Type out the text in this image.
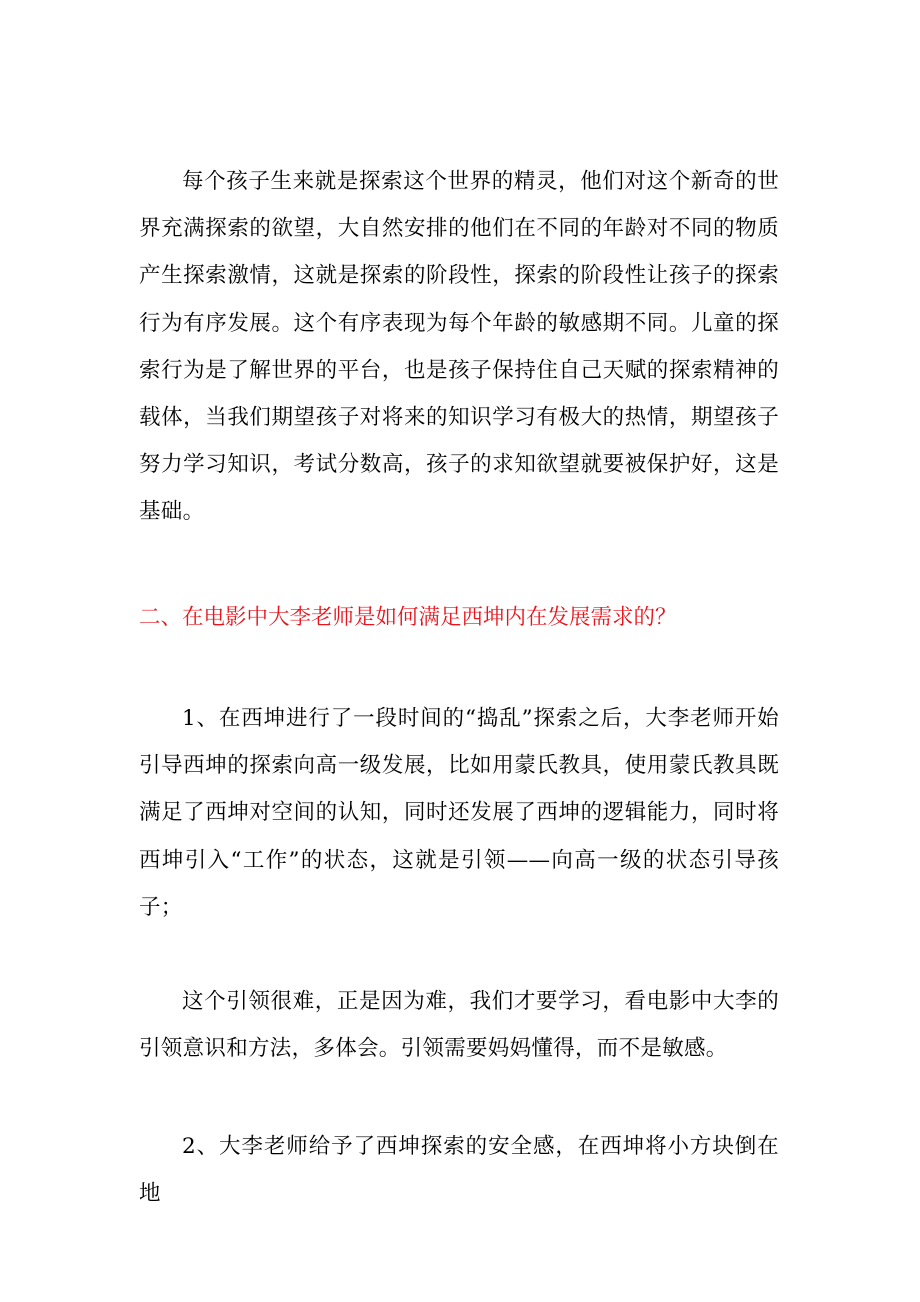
每个孩子生来就是探索这个世界的精灵，他们对这个新奇的世界充满探索的欲望，大自然安排的他们在不同的年龄对不同的物质产生探索激情，这就是探索的阶段性，探索的阶段性让孩子的探索行为有序发展。这个有序表现为每个年龄的敏感期不同。儿童的探索行为是了解世界的平台，也是孩子保持住自己天赋的探索精神的载体，当我们期望孩子对将来的知识学习有极大的热情，期望孩子努力学习知识，考试分数高，孩子的求知欲望就要被保护好，这是基础。

二、在电影中大李老师是如何满足西坤内在发展需求的？

1、在西坤进行了一段时间的“捣乱”探索之后，大李老师开始引导西坤的探索向高一级发展，比如用蒙氏教具，使用蒙氏教具既满足了西坤对空间的认知，同时还发展了西坤的逻辑能力，同时将西坤引入“工作”的状态，这就是引领——向高一级的状态引导孩子；

这个引领很难，正是因为难，我们才要学习，看电影中大李的引领意识和方法，多体会。引领需要妈妈懂得，而不是敏感。

2、大李老师给予了西坤探索的安全感，在西坤将小方块倒在地
